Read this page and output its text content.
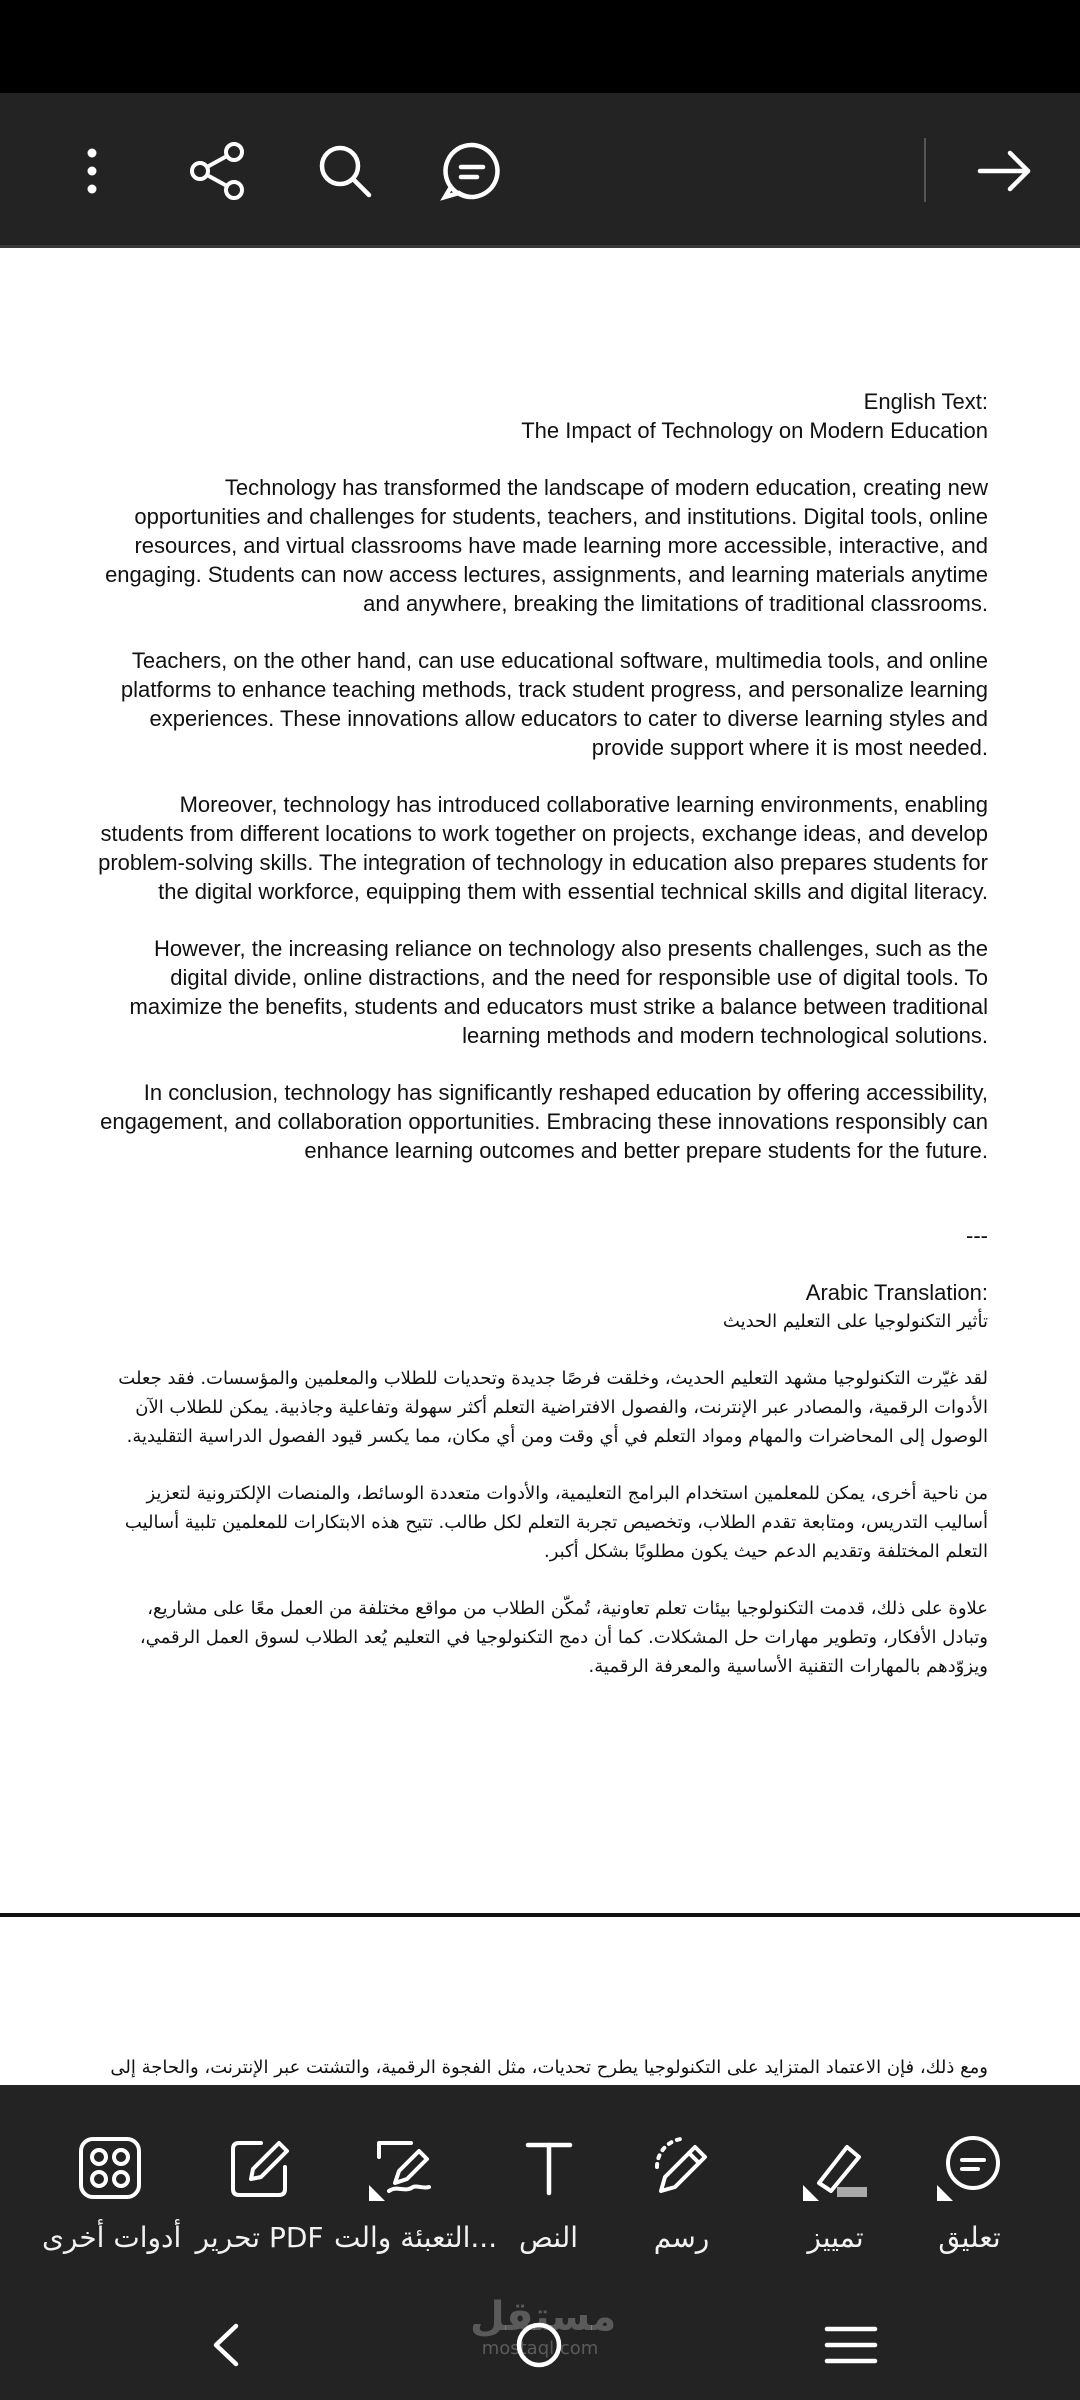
English Text:

The Impact of Technology on Modern Education

Technology has transformed the landscape of modern education, creating new opportunities and challenges for students, teachers, and institutions. Digital tools, online resources, and virtual classrooms have made learning more accessible, interactive, and engaging. Students can now access lectures, assignments, and learning materials anytime and anywhere, breaking the limitations of traditional classrooms.

Teachers, on the other hand, can use educational software, multimedia tools, and online platforms to enhance teaching methods, track student progress, and personalize learning experiences. These innovations allow educators to cater to diverse learning styles and provide support where it is most needed.

Moreover, technology has introduced collaborative learning environments, enabling students from different locations to work together on projects, exchange ideas, and develop problem-solving skills. The integration of technology in education also prepares students for the digital workforce, equipping them with essential technical skills and digital literacy.

However, the increasing reliance on technology also presents challenges, such as the digital divide, online distractions, and the need for responsible use of digital tools. To maximize the benefits, students and educators must strike a balance between traditional learning methods and modern technological solutions.

In conclusion, technology has significantly reshaped education by offering accessibility, engagement, and collaboration opportunities. Embracing these innovations responsibly can enhance learning outcomes and better prepare students for the future.

---

Arabic Translation:

تأثير التكنولوجيا على التعليم الحديث

لقد غيّرت التكنولوجيا مشهد التعليم الحديث، وخلقت فرصًا جديدة وتحديات للطلاب والمعلمين والمؤسسات. فقد جعلت الأدوات الرقمية، والمصادر عبر الإنترنت، والفصول الافتراضية التعلم أكثر سهولة وتفاعلية وجاذبية. يمكن للطلاب الآن الوصول إلى المحاضرات والمهام ومواد التعلم في أي وقت ومن أي مكان، مما يكسر قيود الفصول الدراسية التقليدية.

من ناحية أخرى، يمكن للمعلمين استخدام البرامج التعليمية، والأدوات متعددة الوسائط، والمنصات الإلكترونية لتعزيز أساليب التدريس، ومتابعة تقدم الطلاب، وتخصيص تجربة التعلم لكل طالب. تتيح هذه الابتكارات للمعلمين تلبية أساليب التعلم المختلفة وتقديم الدعم حيث يكون مطلوبًا بشكل أكبر.

علاوة على ذلك، قدمت التكنولوجيا بيئات تعلم تعاونية، تُمكّن الطلاب من مواقع مختلفة من العمل معًا على مشاريع، وتبادل الأفكار، وتطوير مهارات حل المشكلات. كما أن دمج التكنولوجيا في التعليم يُعد الطلاب لسوق العمل الرقمي، ويزوّدهم بالمهارات التقنية الأساسية والمعرفة الرقمية.

ومع ذلك، فإن الاعتماد المتزايد على التكنولوجيا يطرح تحديات، مثل الفجوة الرقمية، والتشتت عبر الإنترنت، والحاجة إلى
تعليق
تمييز
رسم
النص
التعبئة والت...
تحرير PDF
أدوات أخرى
مستقل
mostaql.com
